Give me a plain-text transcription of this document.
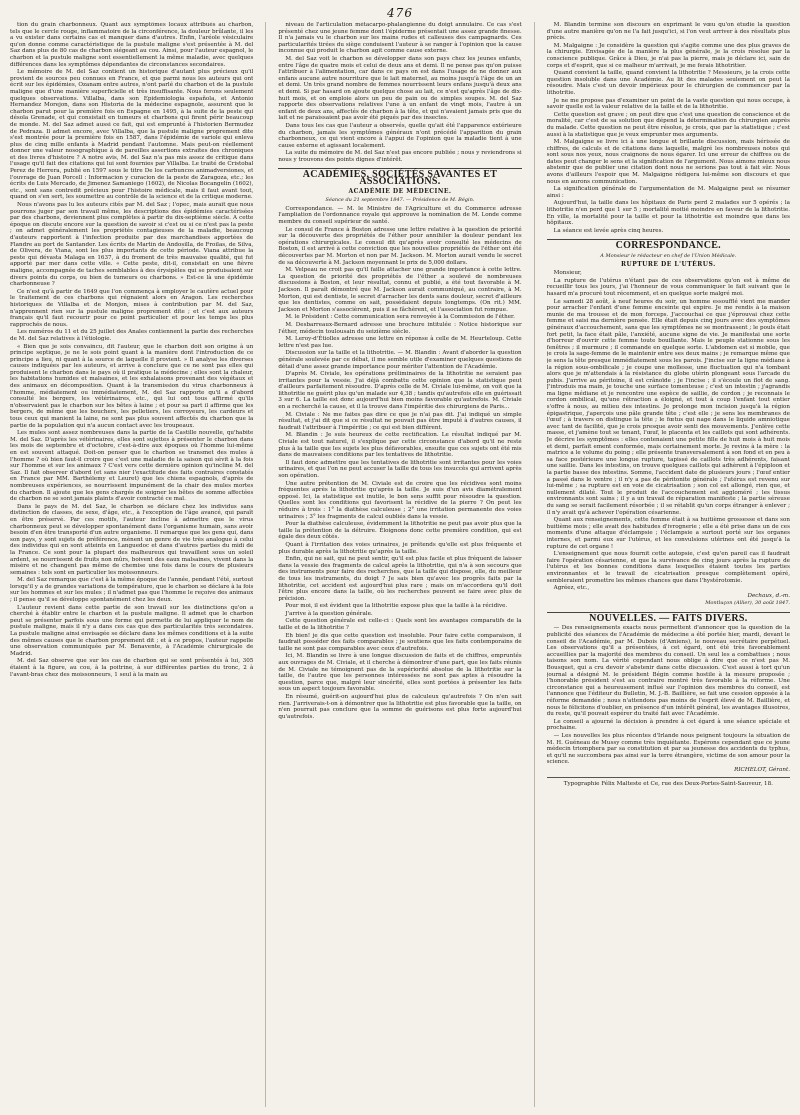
476

tion du grain charbonneux. Quant aux symptômes locaux attribués au charbon, tels que le cercle rouge, inflammatoire de la circonférence, la douleur brûlante, il les a vu exister dans certains cas et manquer dans d'autres. Enfin, l'aréole vésiculaire qu'on donne comme caractéristique de la pustule maligne s'est présentée à M. del Saz dans plus de 80 cas de charbon siégeant au cou. Ainsi, pour l'auteur espagnol, le charbon et la pustule maligne sont essentiellement la même maladie, avec quelques différences dans les symptômes dépendantes de circonstances secondaires.

Le mémoire de M. del Saz contient un historique d'autant plus précieux qu'il provient de sources peu connues en France, et que parmi nous les auteurs qui ont écrit sur les épidémies, Ozanam entre autres, n'ont parlé du charbon et de la pustule maligne que d'une manière superficielle et très insuffisante. Nous ferons seulement quelques observations. Villalba, dans son Epidemiologia española, et Antonio Hernandez Morejon, dans son Historia de la médecine espagnole, assurent que le charbon parut pour la première fois en Espagne en 1495, à la suite de la peste qui désola Grenade, et qui consistait en tumeurs et charbons qui firent périr beaucoup de monde. M. del Saz admet aussi ce fait, qui est emprunté à l'historien Bermudez de Pedraza. Il admet encore, avec Villalba, que la pustule maligne proprement dite s'est montrée pour la première fois en 1587, dans l'épidémie de variole qui enleva plus de cinq mille enfants à Madrid pendant l'automne. Mais peut-on réellement donner une valeur nosographique à de pareilles assertions extraites des chroniques et des livres d'histoire ? A notre avis, M. del Saz n'a pas mis assez de critique dans l'usage qu'il fait des citations qui lui sont fournies par Villalba. Le traité de Cristobal Perez de Herrera, publié en 1597 sous le titre De los carbuncos animadversiones, et l'ouvrage de Juan Porcell : Informacion y curacion de la peste de Zaragoza, etc.; les écrits de Luis Mercado, de Jimenez Samaniego (1602), de Nicolas Bocangelin (1602), etc., sont sans contredit précieux pour l'histoire médicale, mais il faut avant tout, quand on s'en sert, les soumettre au contrôle de la science et de la critique moderne.

Nous n'avons pas lu les auteurs cités par M. del Saz ; l'opec, mais aurait que nous pourrons juger par son travail même, les descriptions des épidémies caractérisées par des charbons, deviennent plus complètes à partir du dix-septième siècle. A cette époque on discute encore sur la question de savoir si c'est ou si ce n'est pas la peste ; on admet généralement les propriétés contagieuses de la maladie, beaucoup d'auteurs rapportent à l'infection produite par des marchandises apportées de Flandre au port de Santander. Les écrits de Martin de Andosilla, de Froilas, de Silva, de Olivera, de Viana, sont les plus importants de cette période. Viana attribue la peste qui dévasta Malaga en 1637, à du froment de très mauvaise qualité, qui fut apporté par mer dans cette ville. « Cette peste, dit-il, consistait en une fièvre maligne, accompagnée de taches semblables à des érysipèles qui se produisaient sur divers points du corps, ou bien de tumeurs ou charbons. » Est-ce là une épidémie charbonneuse ?

Ce n'est qu'à partir de 1649 que l'on commença à employer le cautère actuel pour le traitement de ces charbons qui régnaient alors en Aragon. Les recherches historiques de Villalba et de Monjon, mises à contribution par M. del Saz, n'apprennent rien sur la pustule maligne proprement dite ; et c'est aux auteurs français qu'il faut recourir pour ce point particulier et pour les temps les plus rapprochés de nous.

Les numéros du 11 et du 25 juillet des Anales contiennent la partie des recherches de M. del Saz relatives à l'étiologie.

« Bien que je sois convaincu, dit l'auteur, que le charbon doit son origine à un principe septique, je ne le sois point quant à la manière dont l'introduction de ce principe a lieu, ni quant à la source de laquelle il provient. » Il analyse les diverses causes indiquées par les auteurs, et arrive à conclure que ce ne sont pas elles qui produisent le charbon dans le pays où il pratique la médecine ; elles sont la chaleur, les habitations humides et malsaines, et les exhalaisons provenant des végétaux et des animaux en décomposition. Quant à la transmission du virus charbonneux à l'homme, médiatement ou immédiatement, M. del Saz rapporte qu'il a d'abord consulté les bergers, les vétérinaires, etc., qui lui ont tous affirmé qu'ils n'observaient pas le charbon sur les bêtes à laine ; et pour sa part il affirme que les bergers, de même que les bouchers, les pelletiers, les corroyeurs, les cardeurs et tous ceux qui manient la laine, ne sont pas plus souvent affectés du charbon que la partie de la population qui n'a aucun contact avec les troupeaux.

Les mules sont assez nombreuses dans la partie de la Castille nouvelle, qu'habite M. del Saz. D'après les vétérinaires, elles sont sujettes à présenter le charbon dans les mois de septembre et d'octobre, c'est-à-dire aux époques où l'homme lui-même en est souvent attaqué. Doit-on penser que le charbon se transmet des mules à l'homme ? où bien faut-il croire que c'est une maladie de la saison qui sévit à la fois sur l'homme et sur les animaux ? C'est vers cette dernière opinion qu'incline M. del Saz. Il fait observer d'abord (et sans nier l'exactitude des faits contraires constatés en France par MM. Barthélemy et Leuret) que les chiens espagnols, d'après de nombreuses expériences, se nourrissent impunément de la chair des mules mortes du charbon. Il ajoute que les gens chargés de soigner les bêtes de somme affectées de charbon ne se sont jamais plaints d'avoir contracté ce mal.

Dans le pays de M. del Saz, le charbon se déclare chez les individus sans distinction de classes, de sexe, d'âge, etc., à l'exception de l'âge avancé, qui paraît en être préservé. Par ces motifs, l'auteur incline à admettre que le virus charbonneux peut se développer spontanément dans l'organisme humain, sans avoir besoin d'en être transporté d'un autre organisme. Il remarque que les gens qui, dans son pays, y sont sujets de préférence, mènent un genre de vie très analogue à celui des individus qui en sont atteints en Languedoc et dans d'autres parties du midi de la France. Ce sont pour la plupart des malheureux qui travaillent sous un soleil ardent, se nourrissent de fruits non mûrs, boivent des eaux malsaines, vivent dans la misère et ne changent pas même de chemise une fois dans le cours de plusieurs semaines : tels sont en particulier les moissonneurs.

M. del Saz remarque que c'est à la même époque de l'année, pendant l'été, surtout lorsqu'il y a de grandes variations de température, que le charbon se déclare à la fois sur les hommes et sur les mules ; il n'admet pas que l'homme le reçoive des animaux ; il pense qu'il se développe spontanément chez les deux.

L'auteur revient dans cette partie de son travail sur les distinctions qu'on a cherché à établir entre le charbon et la pustule maligne. Il admet que le charbon peut se présenter parfois sous une forme qui permette de lui appliquer le nom de pustule maligne, mais il n'y a dans ces cas que des particularités très secondaires. La pustule maligne ainsi envisagée se déclare dans les mêmes conditions et à la suite des mêmes causes que le charbon proprement dit ; et à ce propos, l'auteur rappelle une observation communiquée par M. Benavente, à l'Académie chirurgicale de Madrid.

M. del Saz observe que sur les cas de charbon qui se sont présentés à lui, 305 étaient à la figure, au cou, à la poitrine, à sur différentes parties du tronc, 2 à l'avant-bras chez des moissonneurs, 1 seul à la main au

niveau de l'articulation métacarpo-phalangienne du doigt annulaire. Ce cas s'est présenté chez une jeune femme dont l'épiderme présentait une assez grande finesse. Il n'a jamais vu le charbon sur les mains rudes et calleuses des campagnards. Ces particularités tirées du siège conduisent l'auteur à se ranger à l'opinion que la cause inconnue qui produit le charbon agit comme cause externe.

M. del Saz voit le charbon se développer dans son pays chez les jeunes enfants, entre l'âge de quatre mois et celui de deux ans et demi. Il ne pense pas qu'on puisse l'attribuer à l'alimentation, car dans ce pays on est dans l'usage de ne donner aux enfans aucune autre nourriture que le lait maternel, au moins jusqu'à l'âge de un an et demi. Un très grand nombre de femmes nourrissent leurs enfans jusqu'à deux ans et demi. Si par hasard on ajoute quelque chose au lait, ce n'est qu'après l'âge de dix-huit mois, et on emploie alors un peu de pain ou de simples soupes. M. del Saz rapporte des observations relatives l'une à un enfant de vingt mois, l'autre à un enfant de deux ans, affectés de charbon à la tête, et qui n'avaient jamais pris que du lait et ne paraissaient pas avoir été piqués par des insectes.

Dans tous les cas que l'auteur a observés, quelle qu'ait été l'apparence extérieure du charbon, jamais les symptômes généraux n'ont précédé l'apparition du grain charbonneux, ce qui vient encore à l'appui de l'opinion que la maladie tient à une cause externe et agissant localement.

La suite du mémoire de M. del Saz n'est pas encore publiée ; nous y reviendrons si nous y trouvons des points dignes d'intérêt.

ACADÉMIES, SOCIÉTÉS SAVANTES ET ASSOCIATIONS.
ACADÉMIE DE MÉDECINE.
Séance du 21 septembre 1847. — Présidence de M. Bégin.

Correspondance. — M. le Ministre de l'Agriculture et du Commerce adresse l'ampliation de l'ordonnance royale qui approuve la nomination de M. Londe comme membre du conseil supérieur de santé.

Le consul de France à Boston adresse une lettre relative à la question de priorité sur la découverte des propriétés de l'éther pour annihiler la douleur pendant les opérations chirurgicales. Le consul dit qu'après avoir consulté les médecins de Boston, il est arrivé à cette conviction que les nouvelles propriétés de l'éther ont été découvertes par M. Morton et non par M. Jackson. M. Morton aurait vendu le secret de sa découverte à M. Jackson moyennant le prix de 5,000 dollars.

M. Velpeau ne croit pas qu'il faille attacher une grande importance à cette lettre. La question de priorité des propriétés de l'éther a soulevé de nombreuses discussions à Boston, et leur résultat, connu et publié, a été tout favorable à M. Jackson. Il paraît démontré que M. Jackson aurait communiqué, au contraire, à M. Morton, qui est dentiste, le secret d'arracher les dents sans douleur, secret d'ailleurs que les dentistes, comme on sait, possédaient depuis longtemps. (On rit.) MM. Jackson et Morton s'associèrent, puis il se fâchèrent, et l'association fut rompue.

M. le Président : Cette communication sera renvoyée à la Commission de l'éther.

M. Desbarreaux-Bernard adresse une brochure intitulée : Notice historique sur l'éther, médecin toulousain du seizième siècle.

M. Leroy-d'Étiolles adresse une lettre en réponse à celle de M. Heurteloup. Cette lettre n'est pas lue.

Discussion sur la taille et la lithotritie. — M. Blandin : Avant d'aborder la question générale soulevée par ce débat, il me semble utile d'examiner quelques questions de détail d'une assez grande importance pour mériter l'attention de l'Académie.

D'après M. Civiale, les opérations préliminaires de la lithotritie ne seraient pas irritantes pour la vessie. J'ai déjà combattu cette opinion que la statistique peut d'ailleurs parfaitement résoudre. D'après celle de M. Civiale lui-même, on voit que la lithotritie ne guérit plus qu'un malade sur 4,38 ; tandis qu'autrefois elle en guérissait 3 sur 6. La taille est donc aujourd'hui bien moins favorable qu'autrefois. M. Civiale en a recherché la cause, et il la trouve dans l'impéritie des chirurgiens de Paris...

M. Civiale : Ne me faites pas dire ce que je n'ai pas dit. J'ai indiqué un simple résultat, et j'ai dit que si ce résultat ne pouvait pas être imputé à d'autres causes, il faudrait l'attribuer à l'impéritie ; ce qui est bien différent.

M. Blandin : Je suis heureux de cette rectification. Le résultat indiqué par M. Civiale est tout naturel, il s'explique par cette circonstance d'abord qu'il ne reste plus à la taille que les sujets les plus défavorables, ensuite que ces sujets ont été mis dans de mauvaises conditions par les tentatives de lithotritie.

Il faut donc admettre que les tentatives de lithotritie sont irritantes pour les voies urinaires, et que l'on ne peut accuser la taille de tous les insuccès qui arrivent après son opération.

Une autre prétention de M. Civiale est de croire que les récidives sont moins fréquentes après la lithotritie qu'après la taille. Je suis d'un avis diamétralement opposé. Ici, la statistique est inutile, le bon sens suffit pour résoudre la question. Quelles sont les conditions qui favorisent la récidive de la pierre ? On peut les réduire à trois : 1° la diathèse calculeuse ; 2° une irritation permanente des voies urinaires ; 3° les fragments de calcul oubliés dans la vessie.

Pour la diathèse calculeuse, évidemment la lithotritie ne peut pas avoir plus que la taille la prétention de la détruire. Éloignons donc cette première condition, qui est égale des deux côtés.

Quant à l'irritation des voies urinaires, je prétends qu'elle est plus fréquente et plus durable après la lithotritie qu'après la taille.

Enfin, qui ne sait, qui ne peut sentir, qu'il est plus facile et plus fréquent de laisser dans la vessie des fragments de calcul après la lithotritie, qui n'a à son secours que des instruments pour faire des recherches, que la taille qui dispose, elle, du meilleur de tous les instruments, du doigt ? Je sais bien qu'avec les progrès faits par la lithotritie, cet accident est aujourd'hui plus rare ; mais on m'accordera qu'il doit l'être plus encore dans la taille, où les recherches peuvent se faire avec plus de précision.

Pour moi, il est évident que la lithotritie expose plus que la taille à la récidive.

J'arrive à la question générale.

Cette question générale est celle-ci : Quels sont les avantages comparatifs de la taille et de la lithotritie ?

Eh bien! je dis que cette question est insoluble. Pour faire cette comparaison, il faudrait posséder des faits comparables ; je soutiens que les faits contemporains de taille ne sont pas comparables avec ceux d'autrefois.

Ici, M. Blandin se livre à une longue discussion de faits et de chiffres, empruntés aux ouvrages de M. Civiale, et il cherche à démontrer d'une part, que les faits réunis de M. Civiale ne témoignent pas de la supériorité absolue de la lithotritie sur la taille, de l'autre que les personnes intéressées ne sont pas aptes à résoudre la question, parce que, malgré leur sincérité, elles sont portées à présenter les faits sous un aspect toujours favorable.

En résumé, guérit-on aujourd'hui plus de calculeux qu'autrefois ? On n'en sait rien. J'arriverais-t-on à démontrer que la lithotritie est plus favorable que la taille, on n'en pourrait pas conclure que la somme de guérisons est plus forte aujourd'hui qu'autrefois.

M. Blandin termine son discours en exprimant le vœu qu'on étudie la question d'une autre manière qu'on ne l'a fait jusqu'ici, si l'on veut arriver à des résultats plus précis.

M. Malgaigne : Je considère la question qui s'agite comme une des plus graves de la chirurgie. Envisagée de la manière la plus générale, je la crois résolue par la conscience publique. Grâce à Dieu, je n'ai pas la pierre, mais je déclare ici, sain de corps et d'esprit, que si ce malheur m'arrivait, je me ferais lithotritier.

Quand convient la taille, quand convient la lithotritie ? Messieurs, je la crois cette question insoluble dans une Académie. Au lit des malades seulement on peut la résoudre. Mais c'est un devoir impérieux pour le chirurgien de commencer par la lithotritie.

Je ne me propose pas d'examiner un point de la vaste question qui nous occupe, à savoir quelle est la valeur relative de la taille et de la lithotritie.

Cette question est grave ; on peut dire que c'est une question de conscience et de moralité, car c'est de sa solution que dépend la détermination du chirurgien auprès du malade. Cette question ne peut être résolue, je crois, que par la statistique ; c'est aussi à la statistique que je veux emprunter mes arguments.

M. Malgaigne se livre ici à une longue et brillante discussion, mais hérissée de chiffres, de calculs et de citations dans laquelle, malgré les nombreuses notes qui sont sous nos yeux, nous craignons de nous égarer. Ici une erreur de chiffres ou de dates peut changer le sens et la signification de l'argument. Nous aimons mieux nous abstenir que de publier une citation dont nous ne serions pas tout à fait sûr. Nous avons d'ailleurs l'espoir que M. Malgaigne rédigera lui-même son discours et que nous en aurons communication.

La signification générale de l'argumentation de M. Malgaigne peut se résumer ainsi :

Aujourd'hui, la taille dans les hôpitaux de Paris perd 2 malades sur 5 opérés ; la lithotritie n'en perd que 1 sur 5 ; mortalité moitié moindre en faveur de la lithotritie. En ville, la mortalité pour la taille et pour la lithotritie est moindre que dans les hôpitaux.

La séance est levée après cinq heures.

CORRESPONDANCE.
A Monsieur le rédacteur en chef de l'Union Médicale.
RUPTURE DE L'UTÉRUS.

Monsieur,

La rupture de l'utérus n'étant pas de ces observations qu'on est à même de recueillir tous les jours, j'ai l'honneur de vous communiquer le fait suivant que le hasard m'a procuré tout récemment, et en quelque sorte malgré moi.

Le samedi 28 août, à neuf heures du soir, un homme essoufflé vient me mander pour arracher l'enfant d'une femme enceinte qui expire. Je me rendis à la maison munie de ma trousse et de mon forceps. J'accouchai ce que j'éprouvai chez cette femme et saisi ma dernière pensée. Elle était depuis cinq jours avec des symptômes généraux d'accouchement, sans que les symptômes ne se montrassent ; le pouls était fort petit, la face était pâle, l'anxiété, aucune signe de vie. Je manifestai une sorte d'horreur d'ouvrir cette femme toute bouillante. Mais le peuple stationne sous les fenêtres ; il murmure ; il commande en quelque sorte. L'abdomen est si mobile, que je crois la sage-femme de le maintenir entre ses deux mains ; je remarque même que je sens la tête presque immédiatement sous les parois. J'incise sur la ligne médiane à la région sous-ombilicale ; je coupe une mollesse, une fluctuation qui n'a tombant alors que je m'attendais à la résistance du globe utérin plongeant sous l'arcade du pubis. J'arrive au péritoine, il est crânoïde ; je l'incise ; il s'écoule un flot de sang. J'introduis ma main, je touche une surface tomenteuse ; c'est un intestin ; j'agrandis ma ligne médiane et je rencontre une espèce de saillie, de cordon ; je reconnais le cordon ombilical, qu'une rétraction a éloigné, et tout à coup l'enfant tout entier s'offre à nous, au milieu des intestins. Je prolonge mon incision jusqu'à la région épigastrique, j'aperçois une pâle grande tête ; c'est elle ; je sens les membranes de l'œuf ; à travers on distingue la tête ; le fœtus qui nage dans le liquide amniotique avec tant de facilité, que je crois presque avoir senti des mouvements. J'enlève cette masse, et j'amène tout se tenant, l'œuf, le placenta et les caillots qui sont adhérents. Je décrire les symptômes : elles contenaient une petite fille de huit mois à huit mois et demi, parfait ement conformée, mais certainement morte. Je revins à la mère : la matrice a le volume du poing ; elle présente transversalement à son fond et en peu à sa face postérieure une longue rupture, tapissé de caillots très adhérents, faisant une saillie. Dans les intestins, on trouve quelques caillots qui adhèrent à l'épiploon et la partie basse des intestins. Somme, l'accident date de plusieurs jours ; l'œuf entier a passé dans le ventre ; il n'y a pas de péritonite générale ; l'utérus est revenu sur lui-même ; sa rupture est en voie de cicatrisation ; son col est allongé, rien que, et nullement dilaté. Tout le produit de l'accouchement est aggloméré ; les tissus environnants sont sains ; il y a un travail de réparation manifeste ; la partie séreuse du sang se serait facilement résorbée ; il se rétablit qu'un corps étranger à enlever ; il n'y avait qu'à achever l'opération césarienne.

Quant aux renseignements, cette femme était à sa huitième grossesse et dans son huitième mois ; elle avait des habitudes d'ivrognerie ; elle a été prise dans un de ces moments d'une attaque d'éclampsie ; l'éclampsie a surtout porté sur les organes internes, et parmi eux sur l'utérus, et les convulsions utérines ont été jusqu'à la rupture de cet organe !

L'enseignement que nous fournit cette autopsie, c'est qu'en pareil cas il faudrait faire l'opération césarienne, et que la survivance de cinq jours après la rupture de l'utérus et les bonnes conditions dans lesquelles étaient toutes les parties environnantes et le travail de cicatrisation presque complètement opéré, sembleraient promettre les mêmes chances que dans l'hystérotomie.

Agréez, etc.,

Dechaux, d.-m.
Montluçon (Allier), 30 août 1847.
NOUVELLES. — FAITS DIVERS.

— Des renseignements exacts nous permettent d'annoncer que la question de la publicité des séances de l'Académie de médecine a été portée hier, mardi, devant le conseil de l'Académie, par M. Dubois (d'Amiens), le nouveau secrétaire perpétuel. Les observations qu'il a présentées, à cet égard, ont été très favorablement accueillies par la majorité des membres du conseil. Un seul les a combattues ; nous taisons son nom. La vérité cependant nous oblige à dire que ce n'est pas M. Bousquet, qui a cru devoir s'abstenir dans cette discussion. C'est aussi à tort qu'un journal a désigné M. le président Bégin comme hostile à la mesure proposée ; l'honorable président s'est au contraire montré très favorable à la réforme. Une circonstance qui a heureusement influé sur l'opinion des membres du conseil, est l'annonce que l'éditeur du Bulletin, M. J.-B. Baillière, se fait une cession opposée à la réforme demandée ; nous n'attendons pas moins de l'esprit élevé de M. Baillière, et nous le félicitons d'oublier, en présence d'un intérêt général, les avantages illusoires, du reste, qu'il pouvait espérer du traité fait avec l'Académie.

Le conseil a ajourné la décision à prendre à cet égard à une séance spéciale et prochaine.

— Les nouvelles les plus récentes d'Irlande nous peignent toujours la situation de M. H. Guéneau de Mussy comme très inquiétante. Espérons cependant que ce jeune médecin triomphera par sa constitution et par sa jeunesse des accidents du typhus, et qu'il ne succombera pas ainsi sur la terre étrangère, victime de son amour pour la science.

RICHELOT, Gérant.
Typographie Félix Malteste et Ce, rue des Deux-Portes-Saint-Sauveur, 18.
